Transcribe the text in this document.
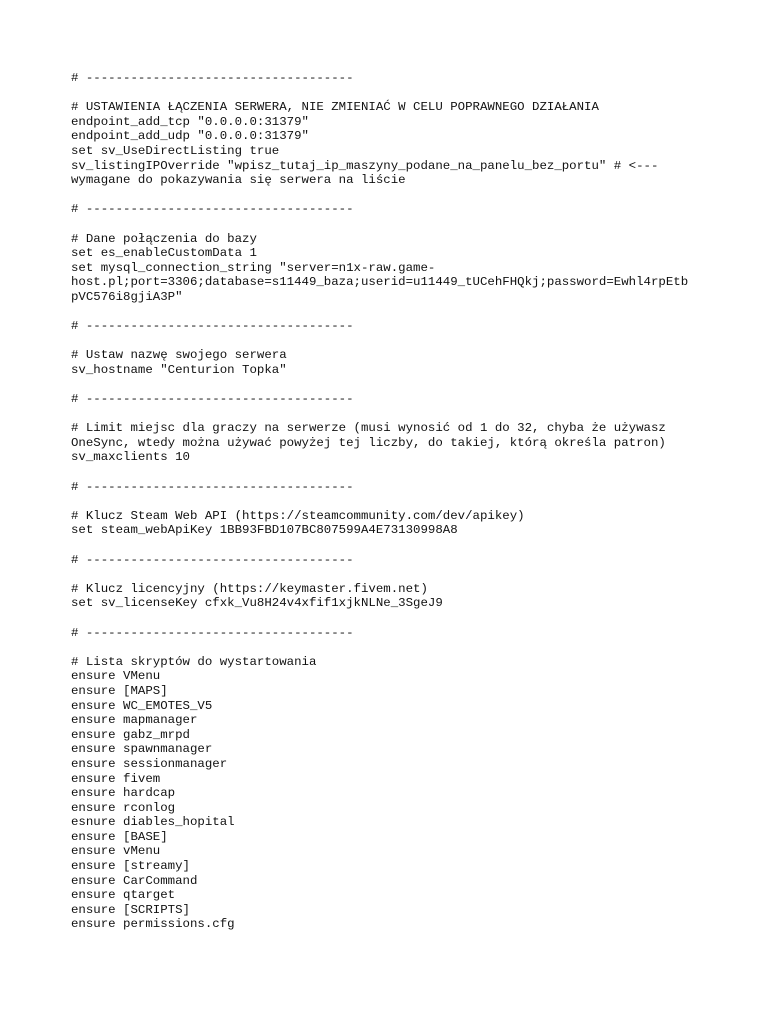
# ------------------------------------
# USTAWIENIA ŁĄCZENIA SERWERA, NIE ZMIENIAĆ W CELU POPRAWNEGO DZIAŁANIA
endpoint_add_tcp "0.0.0.0:31379"
endpoint_add_udp "0.0.0.0:31379"
set sv_UseDirectListing true
sv_listingIPOverride "wpisz_tutaj_ip_maszyny_podane_na_panelu_bez_portu" # <---
wymagane do pokazywania się serwera na liście
# ------------------------------------
# Dane połączenia do bazy
set es_enableCustomData 1
set mysql_connection_string "server=n1x-raw.game-
host.pl;port=3306;database=s11449_baza;userid=u11449_tUCehFHQkj;password=Ewhl4rpEtb
pVC576i8gjiA3P"
# ------------------------------------
# Ustaw nazwę swojego serwera
sv_hostname "Centurion Topka"
# ------------------------------------
# Limit miejsc dla graczy na serwerze (musi wynosić od 1 do 32, chyba że używasz
OneSync, wtedy można używać powyżej tej liczby, do takiej, którą określa patron)
sv_maxclients 10
# ------------------------------------
# Klucz Steam Web API (https://steamcommunity.com/dev/apikey)
set steam_webApiKey 1BB93FBD107BC807599A4E73130998A8
# ------------------------------------
# Klucz licencyjny (https://keymaster.fivem.net)
set sv_licenseKey cfxk_Vu8H24v4xfif1xjkNLNe_3SgeJ9
# ------------------------------------
# Lista skryptów do wystartowania
ensure VMenu
ensure [MAPS]
ensure WC_EMOTES_V5
ensure mapmanager
ensure gabz_mrpd
ensure spawnmanager
ensure sessionmanager
ensure fivem
ensure hardcap
ensure rconlog
esnure diables_hopital
ensure [BASE]
ensure vMenu
ensure [streamy]
ensure CarCommand
ensure qtarget
ensure [SCRIPTS]
ensure permissions.cfg
